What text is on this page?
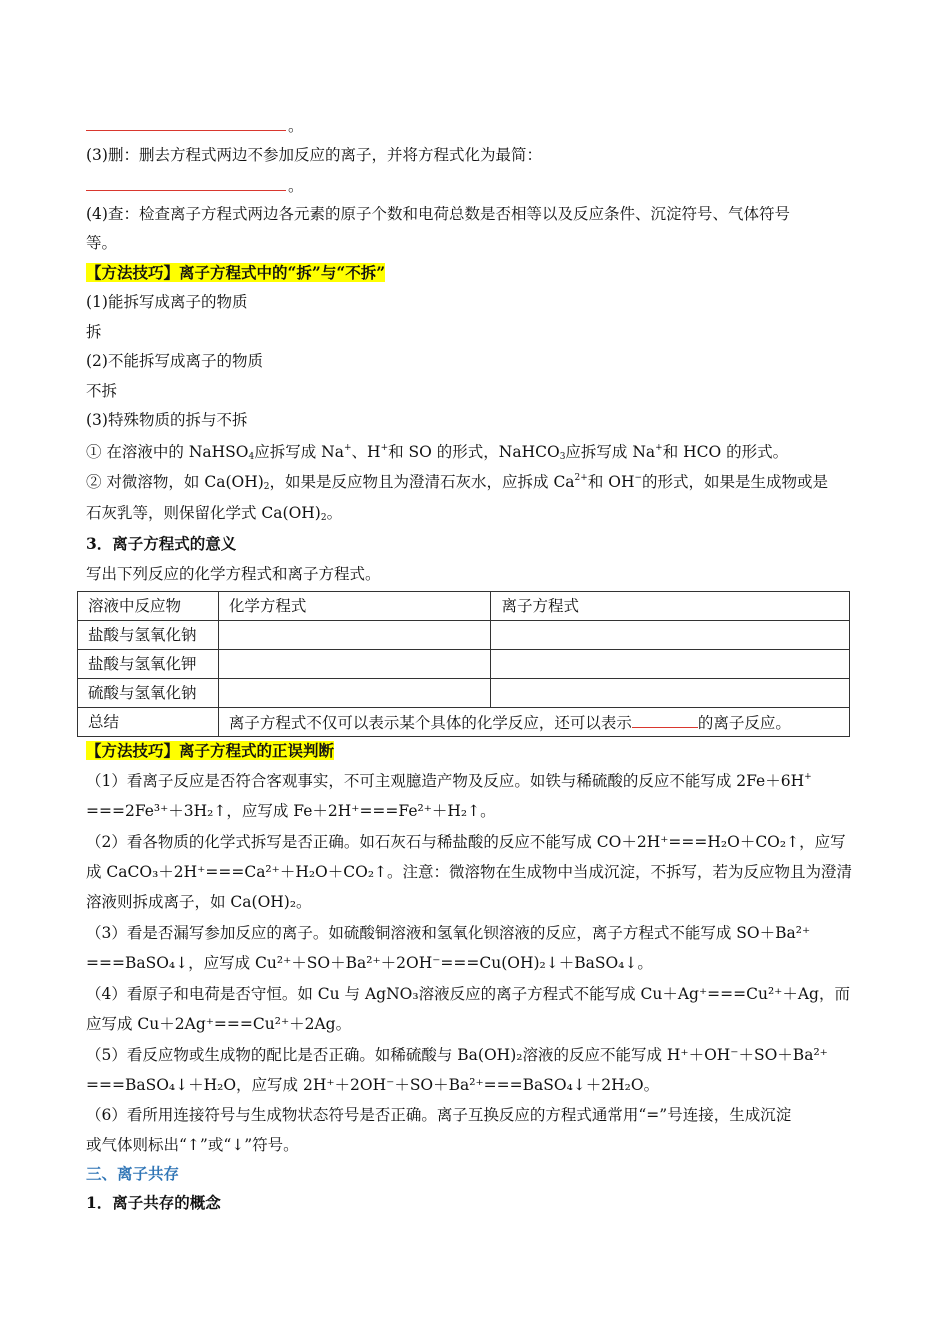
。
(3)删：删去方程式两边不参加反应的离子，并将方程式化为最简：
。
(4)查：检查离子方程式两边各元素的原子个数和电荷总数是否相等以及反应条件、沉淀符号、气体符号
等。
【方法技巧】离子方程式中的“拆”与“不拆”
(1)能拆写成离子的物质
拆
(2)不能拆写成离子的物质
不拆
(3)特殊物质的拆与不拆
① 在溶液中的 NaHSO$_4$应拆写成 Na+、H+和 SO 的形式，NaHCO$_3$应拆写成 Na+和 HCO 的形式。
② 对微溶物，如 $Ca(OH)_2$，如果是反应物且为澄清石灰水，应拆成 $Ca^{2+}$和 OH−的形式，如果是生成物或是
石灰乳等，则保留化学式 $Ca(OH)_2$。
3．离子方程式的意义
写出下列反应的化学方程式和离子方程式。
溶液中反应物	化学方程式	离子方程式
盐酸与氢氧化钠		
盐酸与氢氧化钾		
硫酸与氢氧化钠		
总结	离子方程式不仅可以表示某个具体的化学反应，还可以表示 的离子反应。	
【方法技巧】离子方程式的正误判断
（1）看离子反应是否符合客观事实，不可主观臆造产物及反应。如铁与稀硫酸的反应不能写成 2Fe＋6H+
===2Fe³⁺＋3H₂↑，应写成 Fe＋2H⁺===Fe²⁺＋H₂↑。
（2）看各物质的化学式拆写是否正确。如石灰石与稀盐酸的反应不能写成 CO＋2H⁺===H₂O＋CO₂↑，应写
成 CaCO₃＋2H⁺===Ca²⁺＋H₂O＋CO₂↑。注意：微溶物在生成物中当成沉淀，不拆写，若为反应物且为澄清
溶液则拆成离子，如 Ca(OH)₂。
（3）看是否漏写参加反应的离子。如硫酸铜溶液和氢氧化钡溶液的反应，离子方程式不能写成 SO＋Ba²⁺
===BaSO₄↓，应写成 Cu²⁺＋SO＋Ba²⁺＋2OH⁻===Cu(OH)₂↓＋BaSO₄↓。
（4）看原子和电荷是否守恒。如 Cu 与 AgNO₃溶液反应的离子方程式不能写成 Cu＋Ag⁺===Cu²⁺＋Ag，而
应写成 Cu＋2Ag⁺===Cu²⁺＋2Ag。
（5）看反应物或生成物的配比是否正确。如稀硫酸与 Ba(OH)₂溶液的反应不能写成 H⁺＋OH⁻＋SO＋Ba²⁺
===BaSO₄↓＋H₂O，应写成 2H⁺＋2OH⁻＋SO＋Ba²⁺===BaSO₄↓＋2H₂O。
（6）看所用连接符号与生成物状态符号是否正确。离子互换反应的方程式通常用“=”号连接，生成沉淀
或气体则标出“↑”或“↓”符号。
三、离子共存
1．离子共存的概念
